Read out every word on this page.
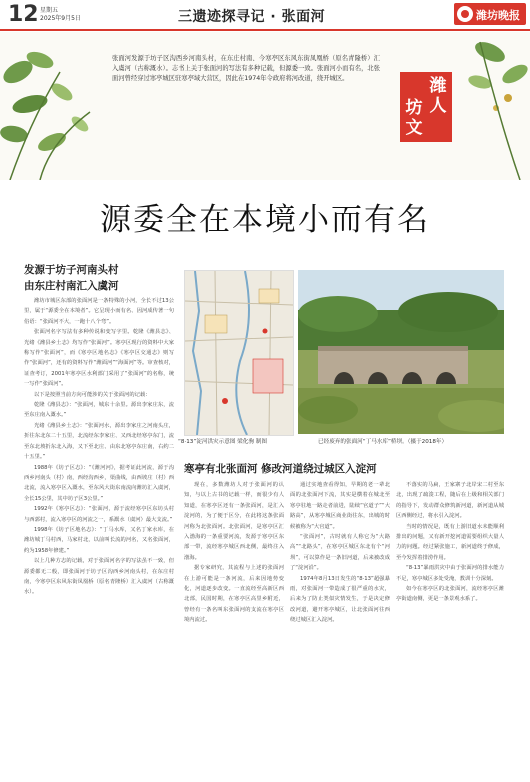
12 星期五
2025年9月5日	三遗迹探寻记 · 张面河	潍坊晚报
张面河发源于坊子区沟西乡河南头村，在东庄村南、今寒亭区东风东街凤凰桥（原名青隆桥）汇入虞河（古称溉水）。志书上关于张面河的写法有多种记载，但源委一致。张面河小而有名，北张面河曾经穿过寒亭城区驻寒亭域大营区，因此在1974年令政府将河改道，绕开城区。	潍人
坊文
源委全在本境小而有名
发源于坊子河南头村
由东庄村南汇入虞河

潍坊市城区东部的张面河是一条特殊的小河，全长不过13公里，属于“源委全在本境者”。它呈现小而有名、因河成传著一句俗语：“张面河不大，一跑十八个弯”。

张面河名字写法有多种传说和变写字里。乾隆《潍县志》、光绪《潍县乡土志》均写作“张面河”。寒亭区现行的资料中大家称写作“张面河”，而《寒亭区地名志》《寒亭区交通志》则写作“张面河”，还有的资料写作“潍面河”“海面河”等。审查核对，证查考订，2001年寒亭区水利部门采用了“张面河”的名称，统一写作“张面河”。

以下是按照当前方向可能涉的关于张面河的记载：

乾隆《潍县志》：“张面河，城东十余里。源出李家庄东，流至东庄南入溉水。”

光绪《潍县乡土志》：“张面河水，源出李家庄之河南头庄，折往东北东二十五里，北流经东李家庄、又西北经寒亭东门，流至东北坡折东北入海，又下至北庄、由东北寒亭东庄南，右约二十五里。”

1988年《坊子区志》：“《潍河河》，据考证此河流，源于沟西乡河南头（村）南，西经沟西乡，渠曲线，由西坡庄（村）西北流，流入寒亭区入溉水，至东风大街东南流向潍坊汇入虞河，全长15公里，其中坊子区3公里。”

1992年《寒亭区志》：“张面河，源于流经寒亭区东坊头村与西郭村，流入寒亭区的河流之一，系溉水（虞河）最大支流。”

1998年《坊子区地名志》：“丁马水库，又名丁家水库，在潍坊城丁马村西，马家村北，以前叫长流的河名，又名张面河，约为1958年修建。”

以上几种方志的记载，对于张面河名字的写法虽不一致，但源委都无二般，即张面河于坊子区沟西乡河南头村，在东庄村南，今寒亭区东风东街凤凰桥（原名青隆桥）汇入虞河（古称溉水）。

“8·13”淀河洪灾示意图 梁化驹 制图	已经废弃的张面河“丁马水库”桥坝。（摄于2018年）
寒亭有北张面河 修改河道绕过城区入淀河

现在，多数潍坊人对于张面河的认知，与以上古书的记载一样，而很少有人知道，在寒亭区还有一条张面河，是汇入淀河的，为了便于区分，在此将这条张面河称为北张面河。北张面河，是寒亭区汇入渤海的一条重要河流，发源于寒亭区东部一带，流经寒亭城区西北侧，最终注入渤海。

据专家研究，其流程与上述的张面河在上游可能是一条河流，后来因地势变化，河道逐步改变。一直流经至高新区西北部，民国时期，在寒亭区高里乡附近，曾经有一条名叫东张面河的支流在寒亭区境内流过。

通过实地查看得知，早期的老一辈北面的北张面河下流，其实是横着在城北至寒亭驻地一路走者前进，陆续“官道子”“大路高”，从寒亭城区商业街往东，出城的时候被称为“大官道”。

“张面河”，古时就有人称它为“大路高”“北路头”，在寒亭区城区东北有个“河坝”，可以算作是一条旧河道，后来被改成了“淀河沿”。

1974年8月13日发生的“8·13”超强暴雨，对张面河一带造成了很严重的水灾，后来为了防止类似灾情发生，于是决定修改河道，避开寒亭城区，让北张面河往西绕过城区汇入淀河。

不落实的马扁，王家寨子北岸宋二村至东北，出现了疏浚工程，随后在上级和相关部门的指导下，发动群众修筑新河道，新河道从城区西侧经过，将水引入淀河。

当时的情况是，既有上游旧道水未能顺利排出的问题，又有新开挖河道需要组织大量人力的问题。经过紧张施工，新河道终于修成，至今发挥着排涝作用。

“8·13”暴雨洪灾中由于张面河的排水能力不足，寒亭城区多处受淹，教训十分深刻。

如今在寒亭区的北张面河，流经寒亭区潍亭街道南侧，更是一条景观水系了。
